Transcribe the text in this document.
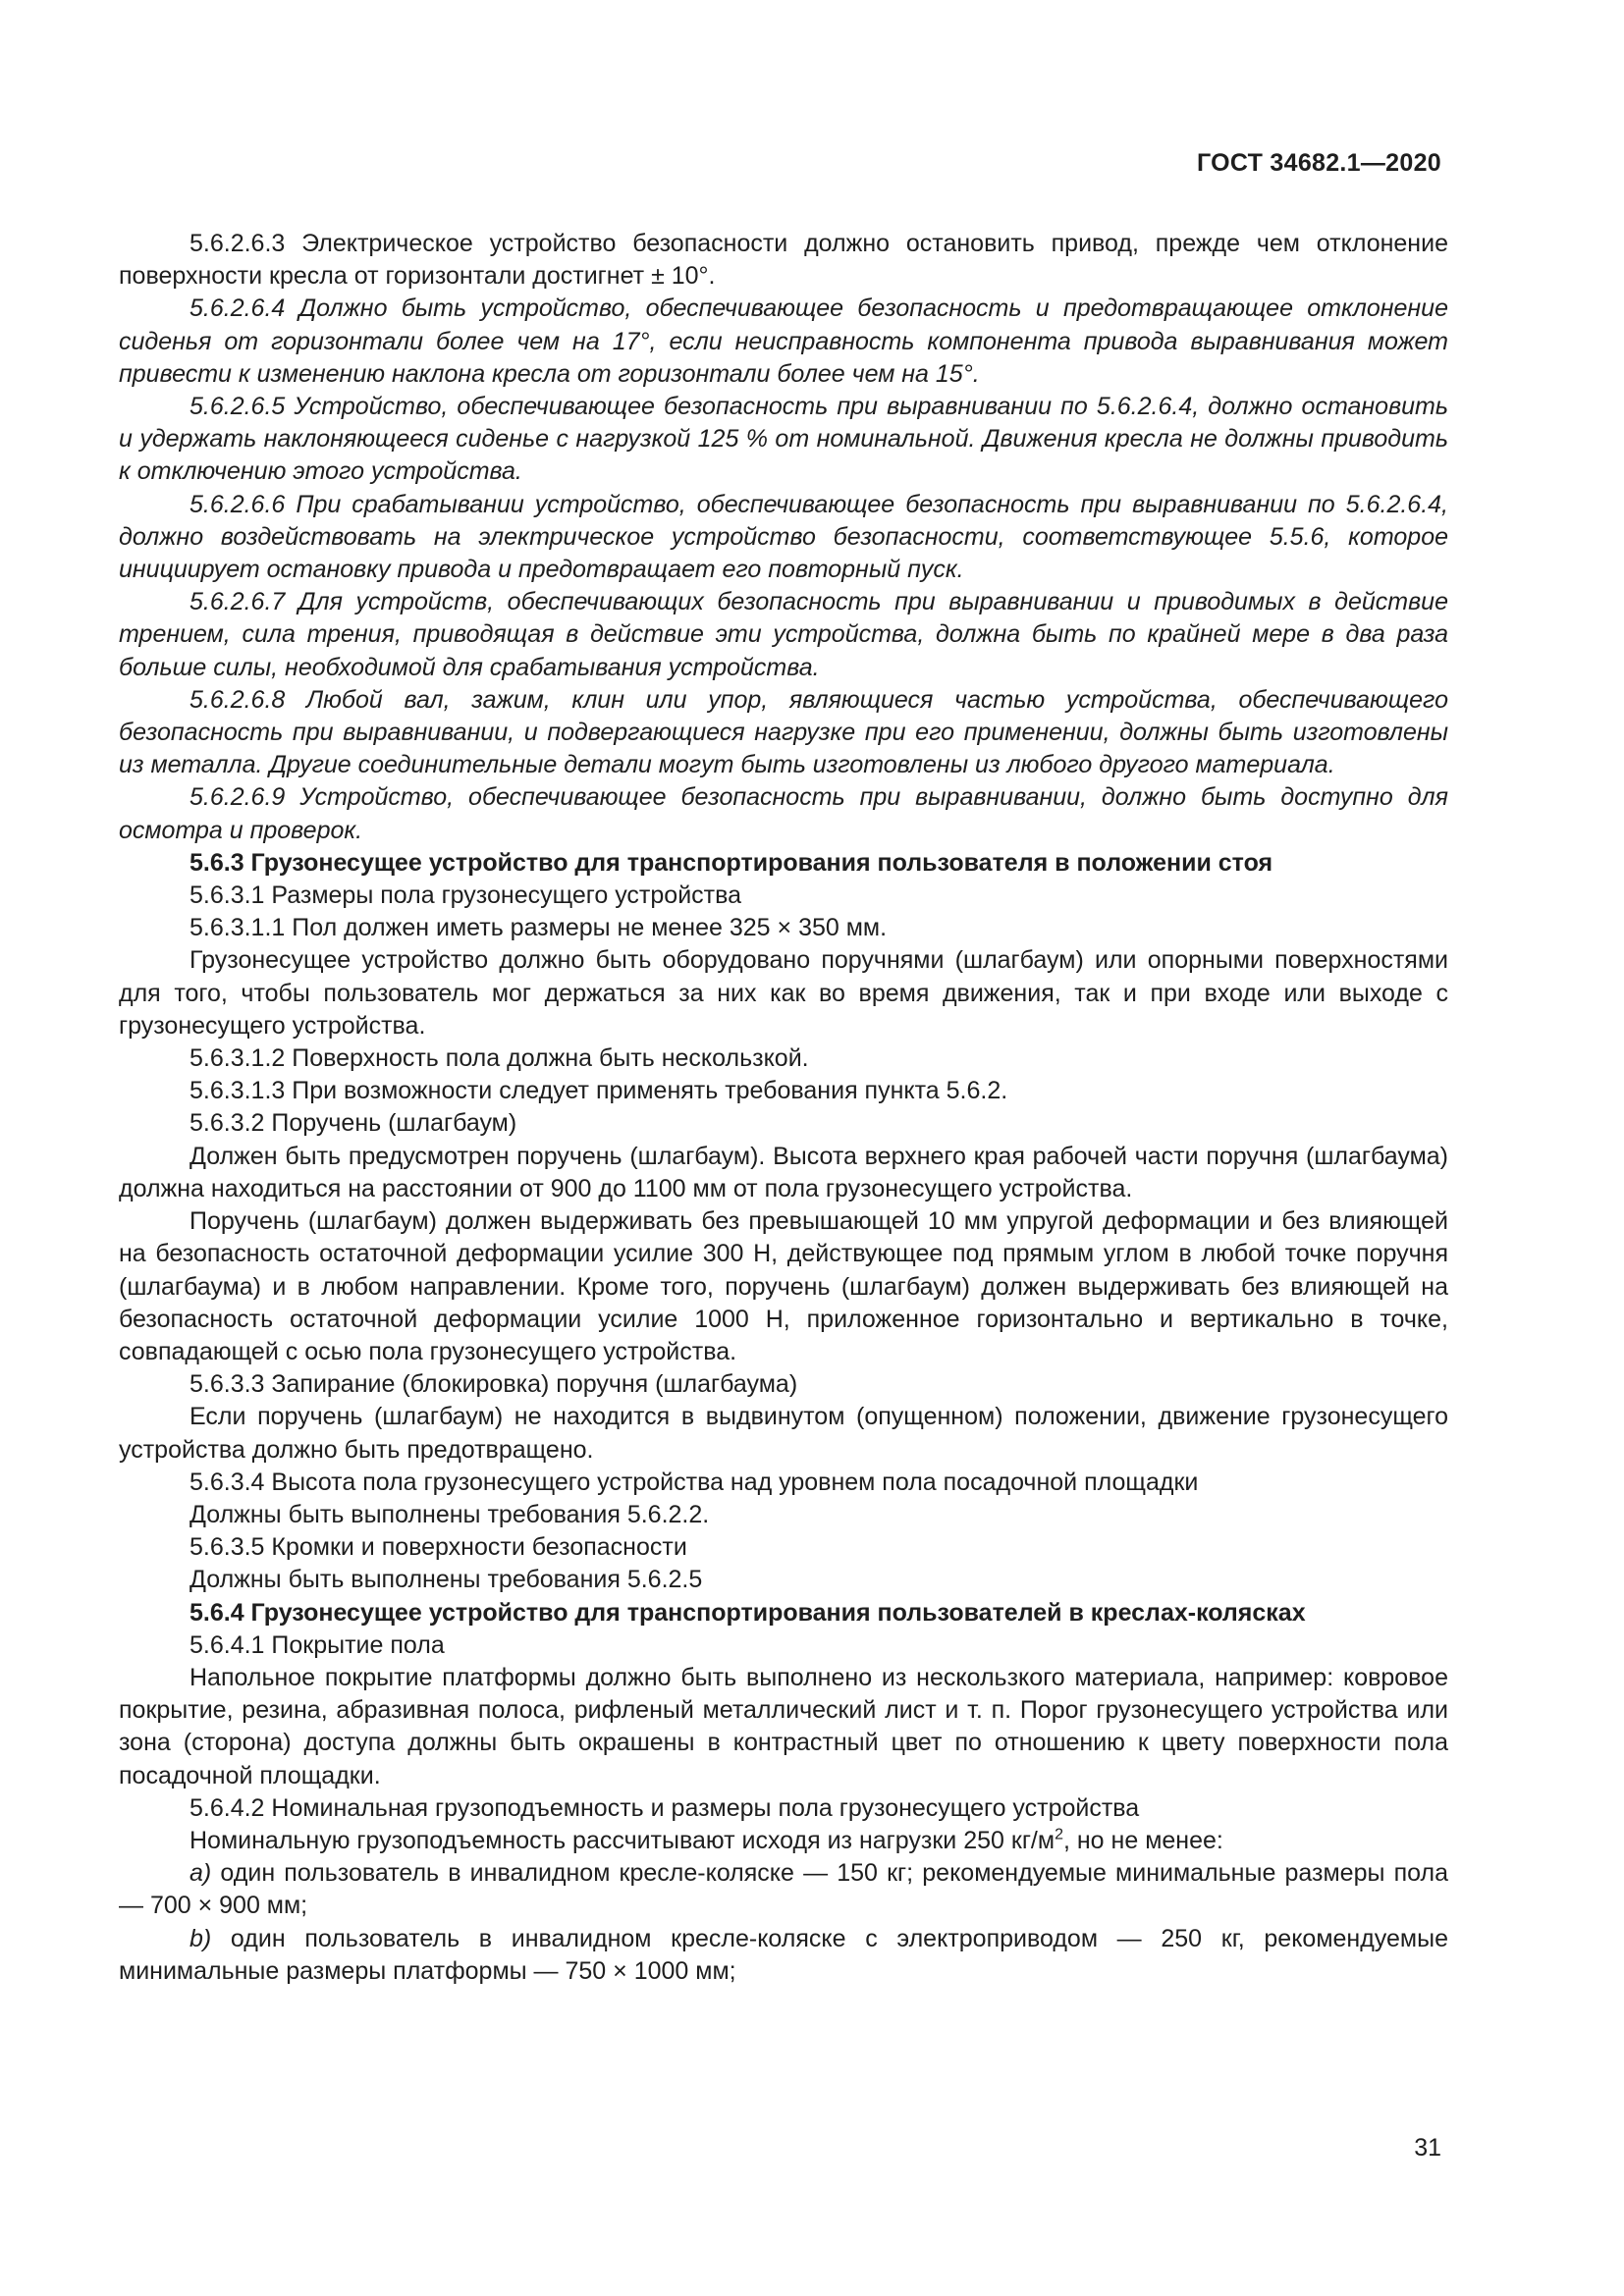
ГОСТ 34682.1—2020

5.6.2.6.3 Электрическое устройство безопасности должно остановить привод, прежде чем отклонение поверхности кресла от горизонтали достигнет ± 10°.

5.6.2.6.4 Должно быть устройство, обеспечивающее безопасность и предотвращающее отклонение сиденья от горизонтали более чем на 17°, если неисправность компонента привода выравнивания может привести к изменению наклона кресла от горизонтали более чем на 15°.

5.6.2.6.5 Устройство, обеспечивающее безопасность при выравнивании по 5.6.2.6.4, должно остановить и удержать наклоняющееся сиденье с нагрузкой 125 % от номинальной. Движения кресла не должны приводить к отключению этого устройства.

5.6.2.6.6 При срабатывании устройство, обеспечивающее безопасность при выравнивании по 5.6.2.6.4, должно воздействовать на электрическое устройство безопасности, соответствующее 5.5.6, которое инициирует остановку привода и предотвращает его повторный пуск.

5.6.2.6.7 Для устройств, обеспечивающих безопасность при выравнивании и приводимых в действие трением, сила трения, приводящая в действие эти устройства, должна быть по крайней мере в два раза больше силы, необходимой для срабатывания устройства.

5.6.2.6.8 Любой вал, зажим, клин или упор, являющиеся частью устройства, обеспечивающего безопасность при выравнивании, и подвергающиеся нагрузке при его применении, должны быть изготовлены из металла. Другие соединительные детали могут быть изготовлены из любого другого материала.

5.6.2.6.9 Устройство, обеспечивающее безопасность при выравнивании, должно быть доступно для осмотра и проверок.

5.6.3 Грузонесущее устройство для транспортирования пользователя в положении стоя

5.6.3.1 Размеры пола грузонесущего устройства

5.6.3.1.1 Пол должен иметь размеры не менее 325 × 350 мм.

Грузонесущее устройство должно быть оборудовано поручнями (шлагбаум) или опорными поверхностями для того, чтобы пользователь мог держаться за них как во время движения, так и при входе или выходе с грузонесущего устройства.

5.6.3.1.2 Поверхность пола должна быть нескользкой.

5.6.3.1.3 При возможности следует применять требования пункта 5.6.2.

5.6.3.2 Поручень (шлагбаум)

Должен быть предусмотрен поручень (шлагбаум). Высота верхнего края рабочей части поручня (шлагбаума) должна находиться на расстоянии от 900 до 1100 мм от пола грузонесущего устройства.

Поручень (шлагбаум) должен выдерживать без превышающей 10 мм упругой деформации и без влияющей на безопасность остаточной деформации усилие 300 Н, действующее под прямым углом в любой точке поручня (шлагбаума) и в любом направлении. Кроме того, поручень (шлагбаум) должен выдерживать без влияющей на безопасность остаточной деформации усилие 1000 Н, приложенное горизонтально и вертикально в точке, совпадающей с осью пола грузонесущего устройства.

5.6.3.3 Запирание (блокировка) поручня (шлагбаума)

Если поручень (шлагбаум) не находится в выдвинутом (опущенном) положении, движение грузонесущего устройства должно быть предотвращено.

5.6.3.4 Высота пола грузонесущего устройства над уровнем пола посадочной площадки

Должны быть выполнены требования 5.6.2.2.

5.6.3.5 Кромки и поверхности безопасности

Должны быть выполнены требования 5.6.2.5

5.6.4 Грузонесущее устройство для транспортирования пользователей в креслах-колясках

5.6.4.1 Покрытие пола

Напольное покрытие платформы должно быть выполнено из нескользкого материала, например: ковровое покрытие, резина, абразивная полоса, рифленый металлический лист и т. п. Порог грузонесущего устройства или зона (сторона) доступа должны быть окрашены в контрастный цвет по отношению к цвету поверхности пола посадочной площадки.

5.6.4.2 Номинальная грузоподъемность и размеры пола грузонесущего устройства

Номинальную грузоподъемность рассчитывают исходя из нагрузки 250 $кг/м^2$, но не менее:

a) один пользователь в инвалидном кресле-коляске — 150 кг; рекомендуемые минимальные размеры пола — 700 × 900 мм;

b) один пользователь в инвалидном кресле-коляске с электроприводом — 250 кг, рекомендуемые минимальные размеры платформы — 750 × 1000 мм;

31
